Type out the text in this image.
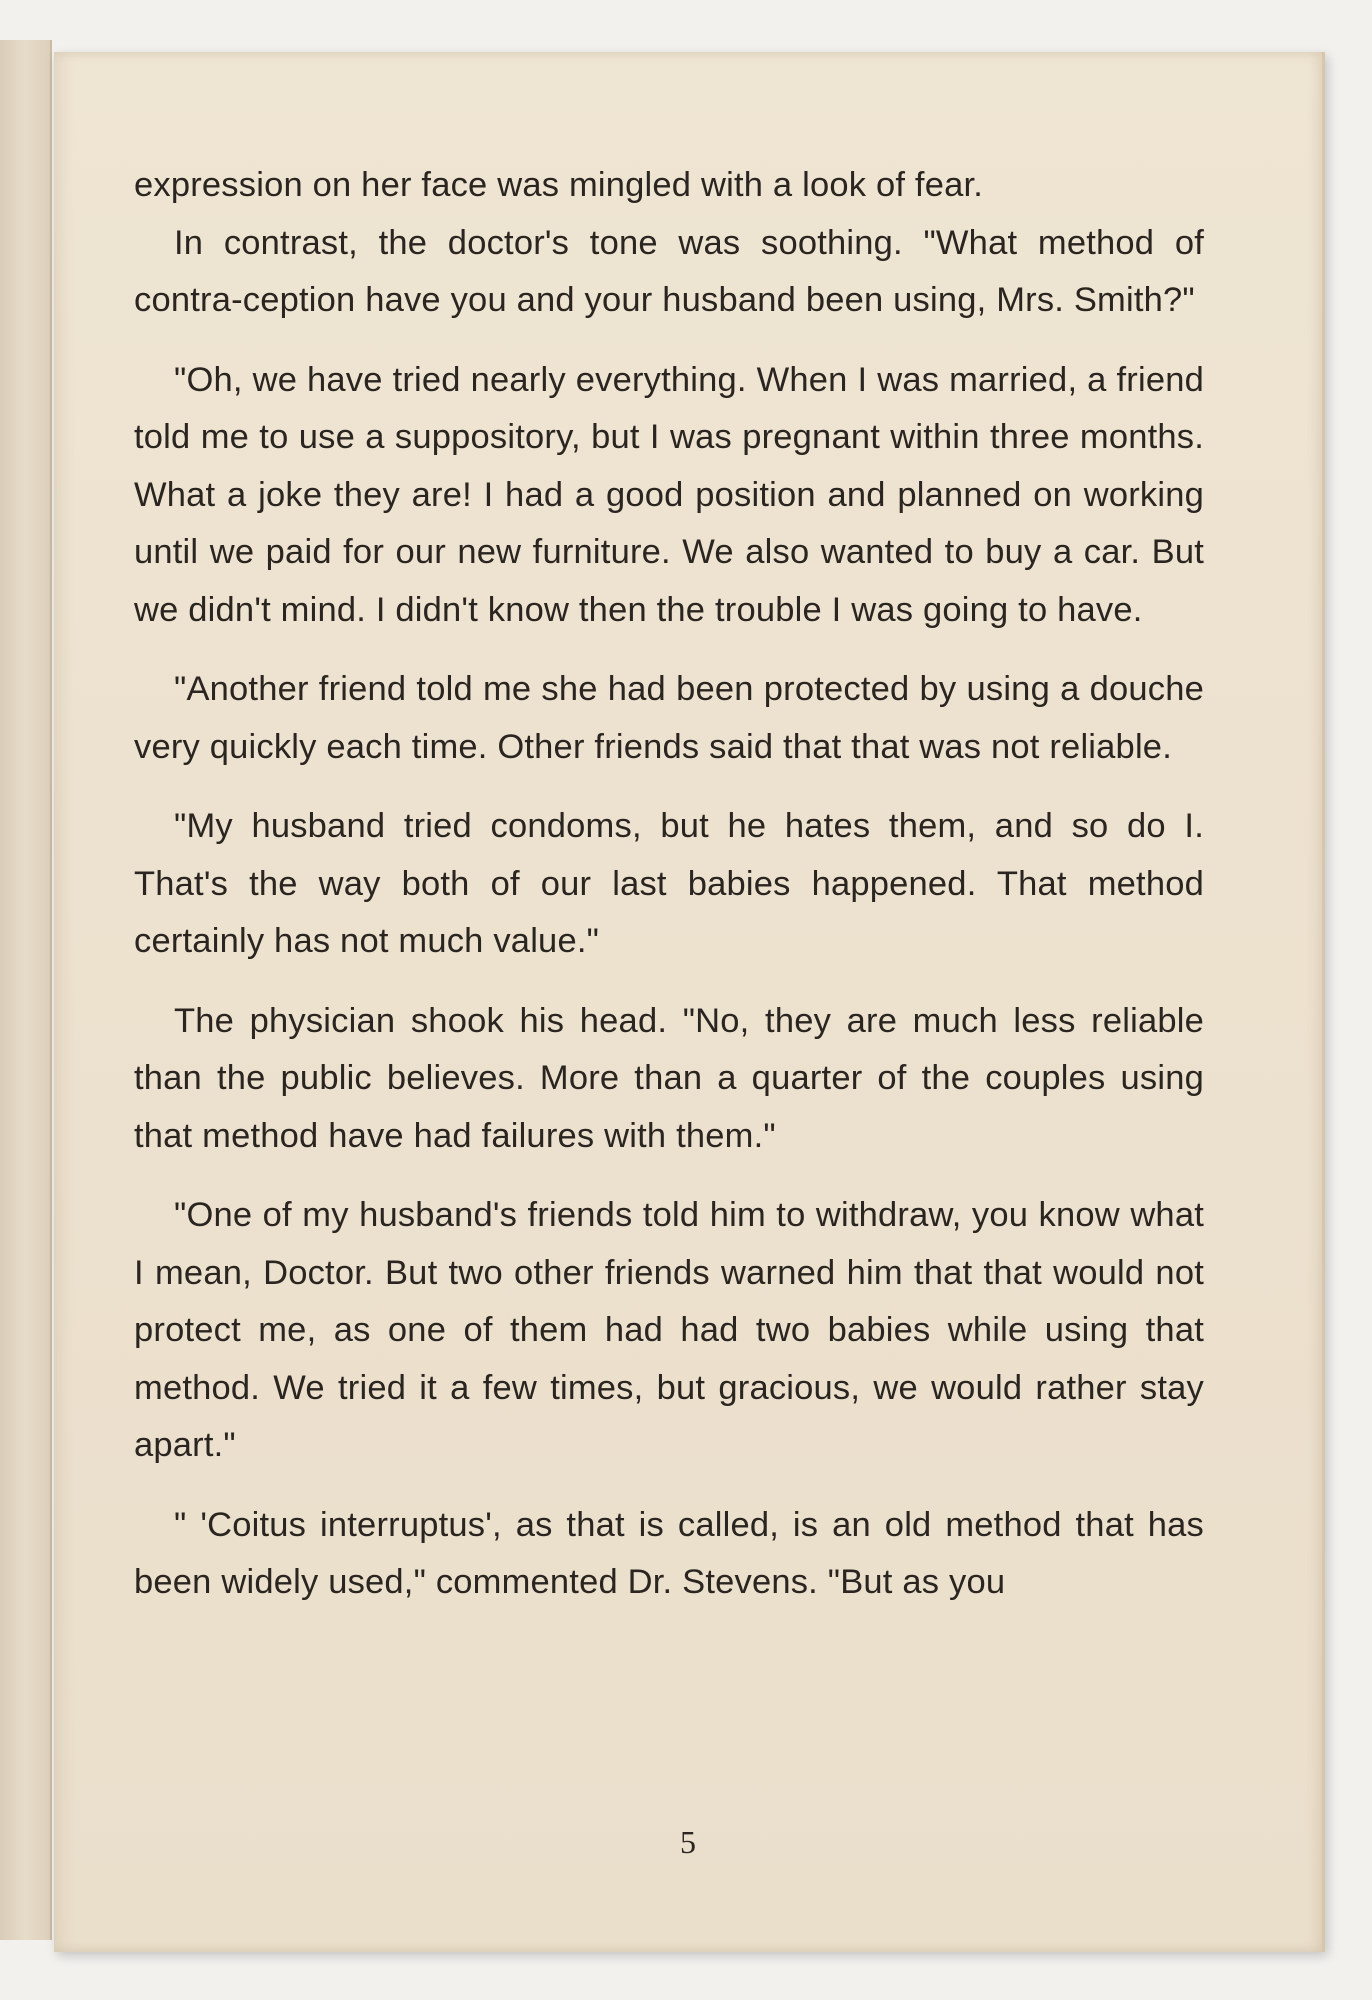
expression on her face was mingled with a look of fear.

In contrast, the doctor's tone was soothing. "What method of contra-ception have you and your husband been using, Mrs. Smith?"

"Oh, we have tried nearly everything. When I was married, a friend told me to use a suppository, but I was pregnant within three months. What a joke they are! I had a good position and planned on working until we paid for our new furniture. We also wanted to buy a car. But we didn't mind. I didn't know then the trouble I was going to have.

"Another friend told me she had been protected by using a douche very quickly each time. Other friends said that that was not reliable.

"My husband tried condoms, but he hates them, and so do I. That's the way both of our last babies happened. That method certainly has not much value."

The physician shook his head. "No, they are much less reliable than the public believes. More than a quarter of the couples using that method have had failures with them."

"One of my husband's friends told him to withdraw, you know what I mean, Doctor. But two other friends warned him that that would not protect me, as one of them had had two babies while using that method. We tried it a few times, but gracious, we would rather stay apart."

" 'Coitus interruptus', as that is called, is an old method that has been widely used," commented Dr. Stevens. "But as you

5
